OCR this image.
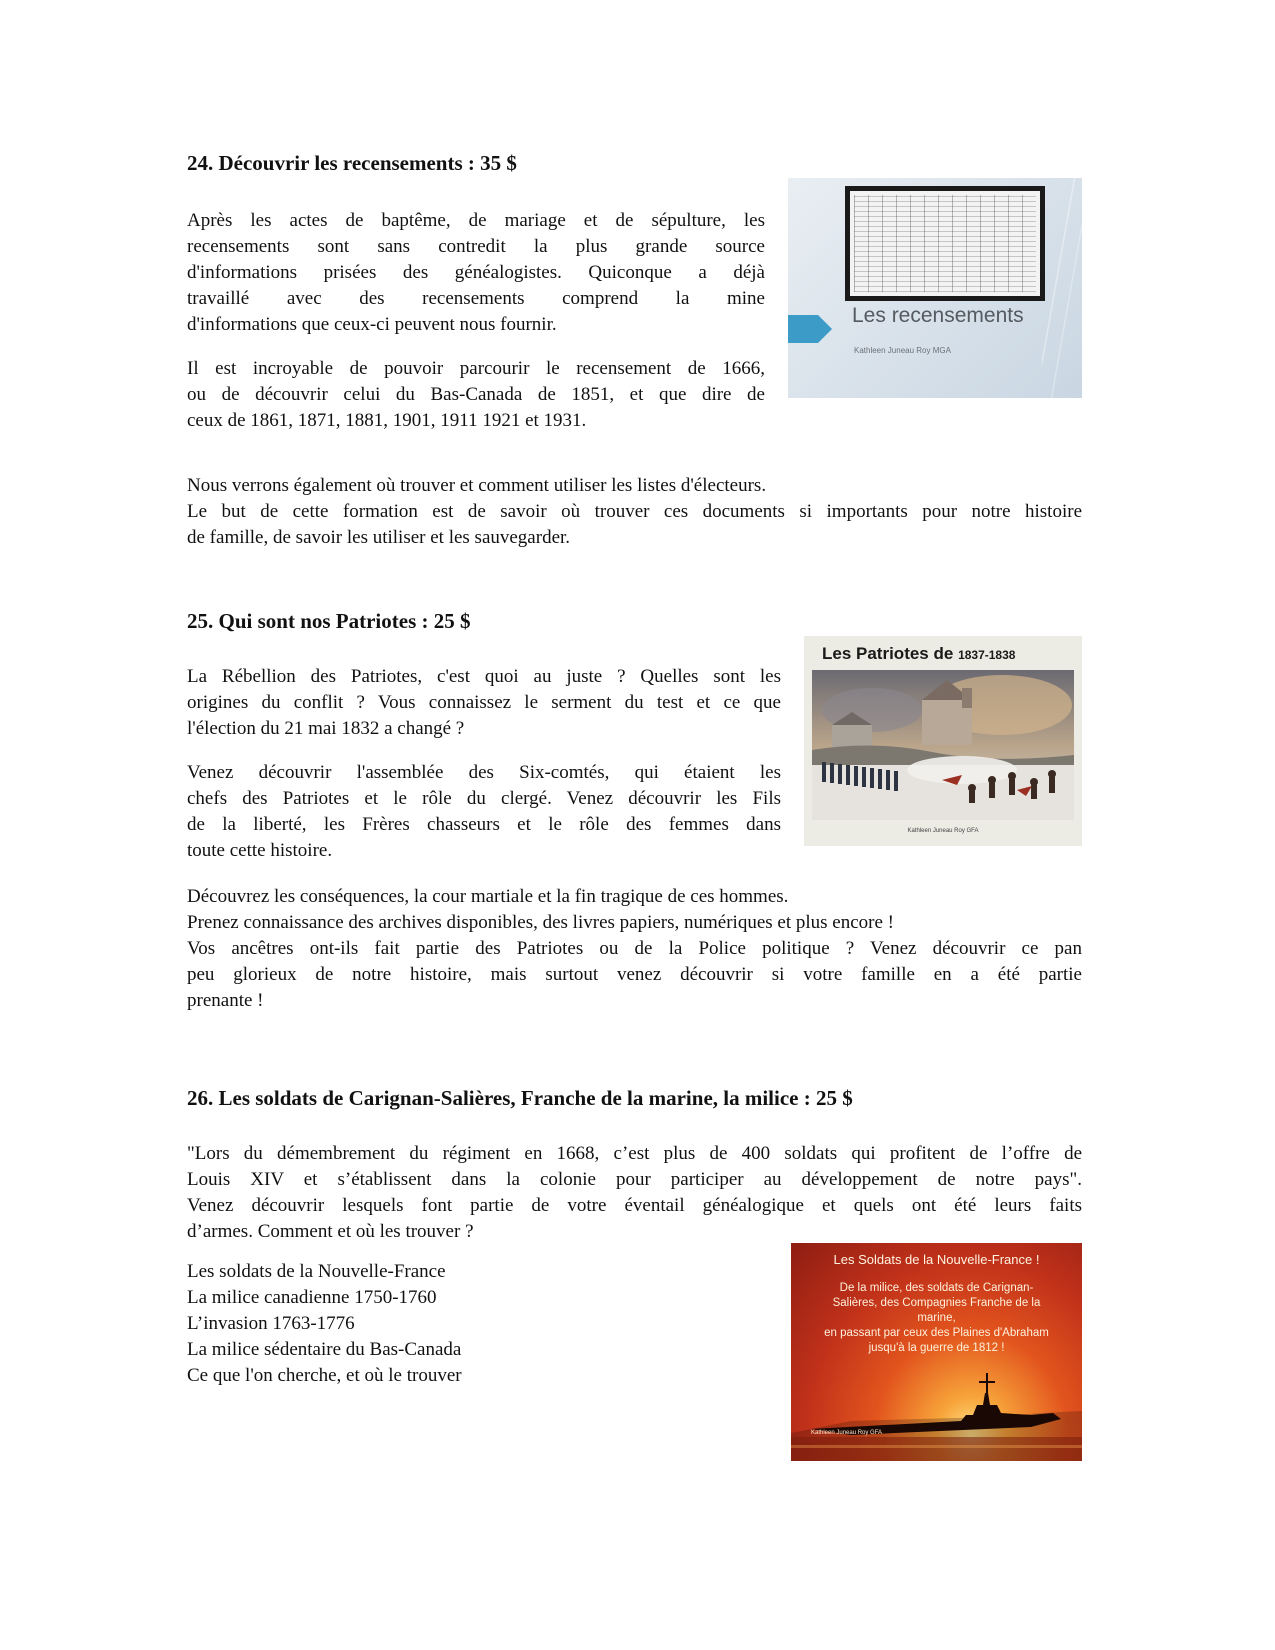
24. Découvrir les recensements : 35 $
Après les actes de baptême, de mariage et de sépulture, les
recensements sont sans contredit la plus grande source
d'informations prisées des généalogistes. Quiconque a déjà
travaillé avec des recensements comprend la mine
d'informations que ceux-ci peuvent nous fournir.
Il est incroyable de pouvoir parcourir le recensement de 1666,
ou de découvrir celui du Bas-Canada de 1851, et que dire de
ceux de 1861, 1871, 1881, 1901, 1911 1921 et 1931.
Nous verrons également où trouver et comment utiliser les listes d'électeurs.
Le but de cette formation est de savoir où trouver ces documents si importants pour notre histoire
de famille, de savoir les utiliser et les sauvegarder.
Les recensements
Kathleen Juneau Roy MGA
25. Qui sont nos Patriotes : 25 $
La Rébellion des Patriotes, c'est quoi au juste ? Quelles sont les
origines du conflit ? Vous connaissez le serment du test et ce que
l'élection du 21 mai 1832 a changé ?
Venez découvrir l'assemblée des Six-comtés, qui étaient les
chefs des Patriotes et le rôle du clergé. Venez découvrir les Fils
de la liberté, les Frères chasseurs et le rôle des femmes dans
toute cette histoire.
Découvrez les conséquences, la cour martiale et la fin tragique de ces hommes.
Prenez connaissance des archives disponibles, des livres papiers, numériques et plus encore !
Vos ancêtres ont-ils fait partie des Patriotes ou de la Police politique ? Venez découvrir ce pan
peu glorieux de notre histoire, mais surtout venez découvrir si votre famille en a été partie
prenante !
Les Patriotes de 1837-1838
Kathleen Juneau Roy GFA
26. Les soldats de Carignan-Salières, Franche de la marine, la milice : 25 $
"Lors du démembrement du régiment en 1668, c’est plus de 400 soldats qui profitent de l’offre de
Louis XIV et s’établissent dans la colonie pour participer au développement de notre pays".
Venez découvrir lesquels font partie de votre éventail généalogique et quels ont été leurs faits
d’armes. Comment et où les trouver ?
Les soldats de la Nouvelle-France
La milice canadienne 1750-1760
L’invasion 1763-1776
La milice sédentaire du Bas-Canada
Ce que l'on cherche, et où le trouver
Les Soldats de la Nouvelle-France !
De la milice, des soldats de Carignan-
Salières, des Compagnies Franche de la
marine,
en passant par ceux des Plaines d'Abraham
jusqu'à la guerre de 1812 !
Kathleen Juneau Roy GFA
